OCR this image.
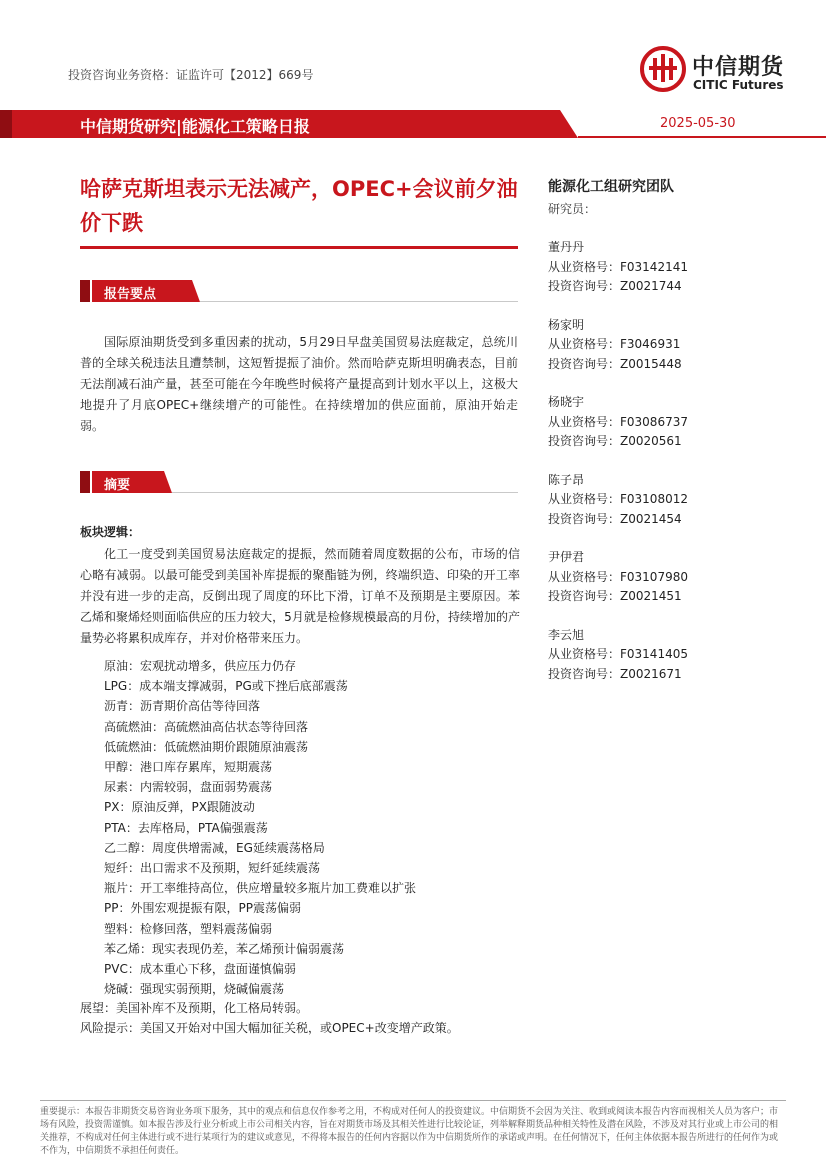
投资咨询业务资格：证监许可【2012】669号	中信期货
CITIC Futures
中信期货研究|能源化工策略日报	2025-05-30
哈萨克斯坦表示无法减产，OPEC+会议前夕油价下跌
报告要点

国际原油期货受到多重因素的扰动，5月29日早盘美国贸易法庭裁定，总统川普的全球关税违法且遭禁制，这短暂提振了油价。然而哈萨克斯坦明确表态，目前无法削减石油产量，甚至可能在今年晚些时候将产量提高到计划水平以上，这极大地提升了月底OPEC+继续增产的可能性。在持续增加的供应面前，原油开始走弱。

摘要
板块逻辑：

化工一度受到美国贸易法庭裁定的提振，然而随着周度数据的公布，市场的信心略有减弱。以最可能受到美国补库提振的聚酯链为例，终端织造、印染的开工率并没有进一步的走高，反倒出现了周度的环比下滑，订单不及预期是主要原因。苯乙烯和聚烯烃则面临供应的压力较大，5月就是检修规模最高的月份，持续增加的产量势必将累积成库存，并对价格带来压力。

原油：宏观扰动增多，供应压力仍存
LPG：成本端支撑减弱，PG或下挫后底部震荡
沥青：沥青期价高估等待回落
高硫燃油：高硫燃油高估状态等待回落
低硫燃油：低硫燃油期价跟随原油震荡
甲醇：港口库存累库，短期震荡
尿素：内需较弱，盘面弱势震荡
PX：原油反弹，PX跟随波动
PTA：去库格局，PTA偏强震荡
乙二醇：周度供增需减，EG延续震荡格局
短纤：出口需求不及预期，短纤延续震荡
瓶片：开工率维持高位，供应增量较多瓶片加工费难以扩张
PP：外围宏观提振有限，PP震荡偏弱
塑料：检修回落，塑料震荡偏弱
苯乙烯：现实表现仍差，苯乙烯预计偏弱震荡
PVC：成本重心下移，盘面谨慎偏弱
烧碱：强现实弱预期，烧碱偏震荡
展望：美国补库不及预期，化工格局转弱。
风险提示：美国又开始对中国大幅加征关税，或OPEC+改变增产政策。
能源化工组研究团队
研究员：
董丹丹
从业资格号：F03142141
投资咨询号：Z0021744
杨家明
从业资格号：F3046931
投资咨询号：Z0015448
杨晓宇
从业资格号：F03086737
投资咨询号：Z0020561
陈子昂
从业资格号：F03108012
投资咨询号：Z0021454
尹伊君
从业资格号：F03107980
投资咨询号：Z0021451
李云旭
从业资格号：F03141405
投资咨询号：Z0021671
重要提示：本报告非期货交易咨询业务项下服务，其中的观点和信息仅作参考之用，不构成对任何人的投资建议。中信期货不会因为关注、收到或阅读本报告内容而视相关人员为客户；市场有风险，投资需谨慎。如本报告涉及行业分析或上市公司相关内容，旨在对期货市场及其相关性进行比较论证，列举解释期货品种相关特性及潜在风险，不涉及对其行业或上市公司的相关推荐，不构成对任何主体进行或不进行某项行为的建议或意见，不得将本报告的任何内容据以作为中信期货所作的承诺或声明。在任何情况下，任何主体依据本报告所进行的任何作为或不作为，中信期货不承担任何责任。
